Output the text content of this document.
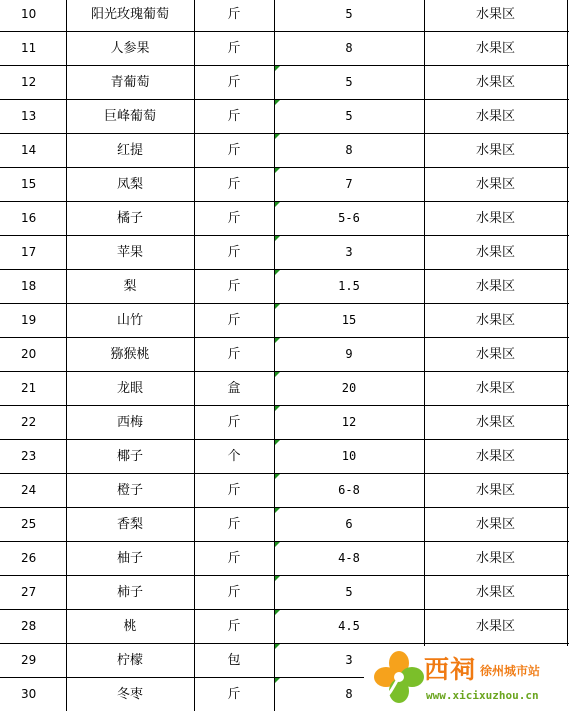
10	阳光玫瑰葡萄	斤	5	水果区	
11	人参果	斤	8	水果区	
12	青葡萄	斤	5	水果区	
13	巨峰葡萄	斤	5	水果区	
14	红提	斤	8	水果区	
15	凤梨	斤	7	水果区	
16	橘子	斤	5-6	水果区	
17	苹果	斤	3	水果区	
18	梨	斤	1.5	水果区	
19	山竹	斤	15	水果区	
20	猕猴桃	斤	9	水果区	
21	龙眼	盒	20	水果区	
22	西梅	斤	12	水果区	
23	椰子	个	10	水果区	
24	橙子	斤	6-8	水果区	
25	香梨	斤	6	水果区	
26	柚子	斤	4-8	水果区	
27	柿子	斤	5	水果区	
28	桃	斤	4.5	水果区	
29	柠檬	包	3		
30	冬枣	斤	8		
西祠 徐州城市站
www.xicixuzhou.cn
